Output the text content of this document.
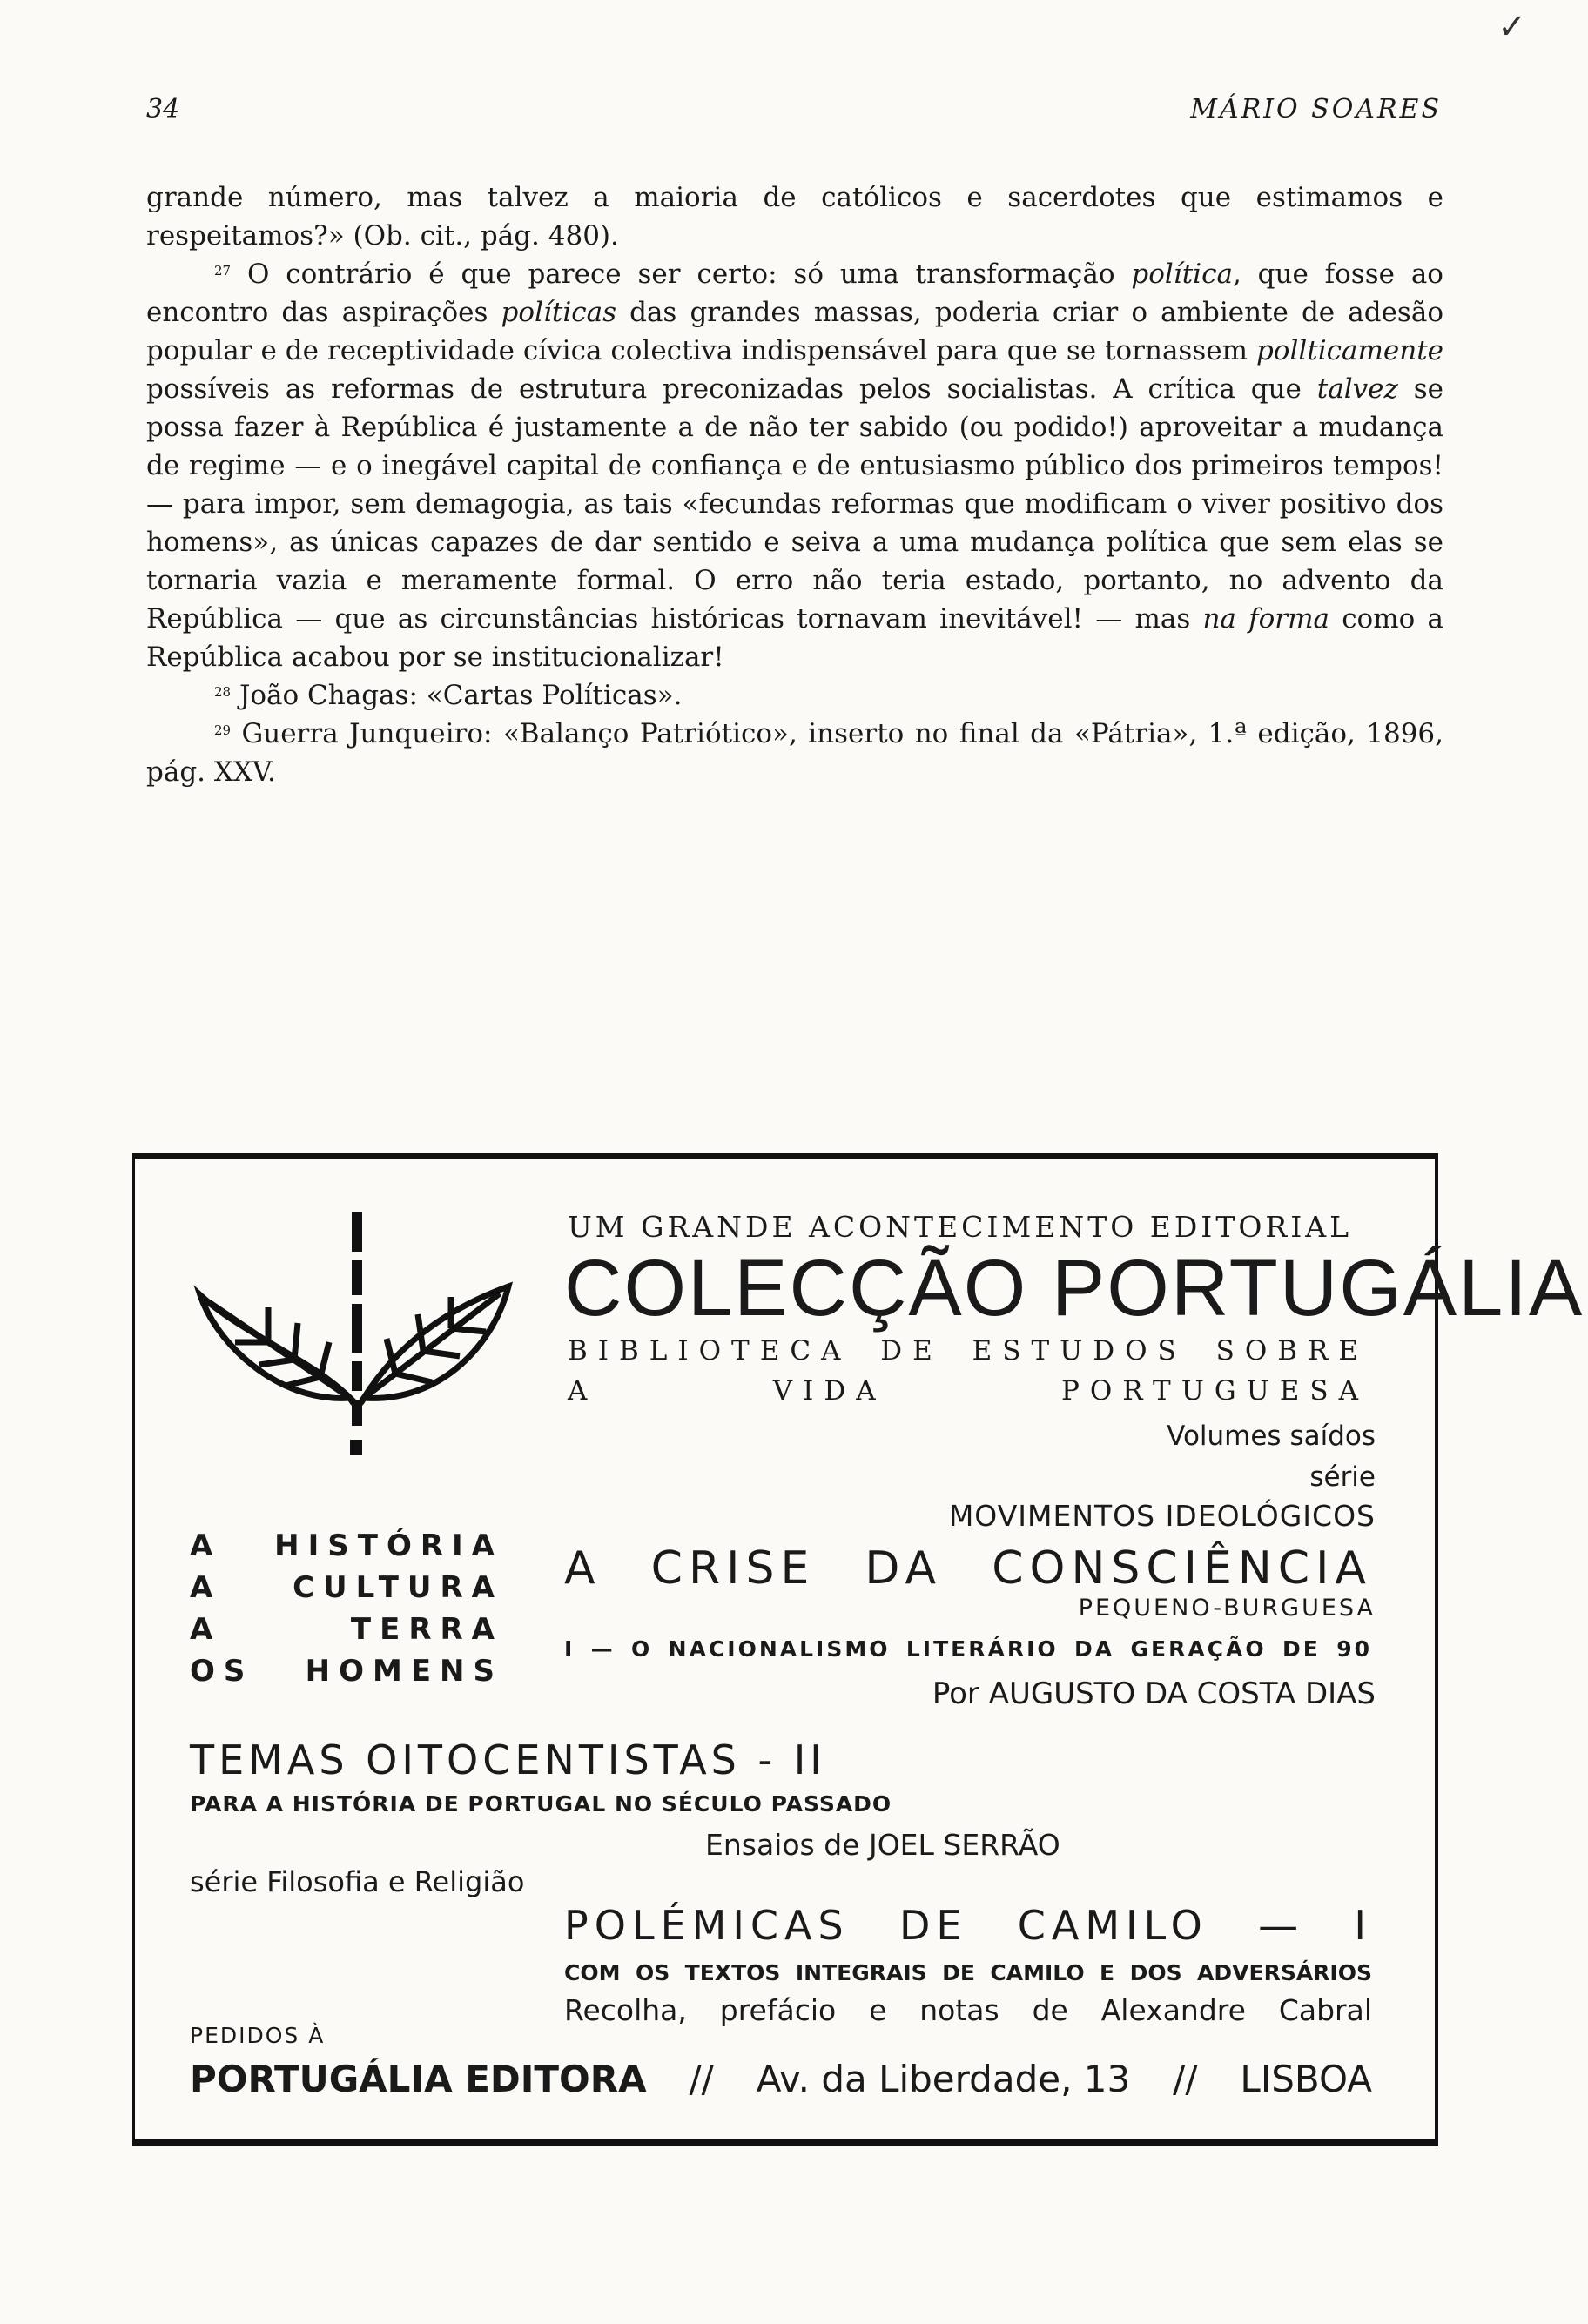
✓
34	MÁRIO SOARES

grande número, mas talvez a maioria de católicos e sacerdotes que estimamos e respeitamos?» (Ob. cit., pág. 480).

$^{27}$ O contrário é que parece ser certo: só uma transformação política, que fosse ao encontro das aspirações políticas das grandes massas, poderia criar o ambiente de adesão popular e de receptividade cívica colectiva indispensável para que se tornassem pollticamente possíveis as reformas de estrutura preconizadas pelos socialistas. A crítica que talvez se possa fazer à República é justamente a de não ter sabido (ou podido!) aproveitar a mudança de regime — e o inegável capital de confiança e de entusiasmo público dos primeiros tempos! — para impor, sem demagogia, as tais «fecundas reformas que modificam o viver positivo dos homens», as únicas capazes de dar sentido e seiva a uma mudança política que sem elas se tornaria vazia e meramente formal. O erro não teria estado, portanto, no advento da República — que as circunstâncias históricas tornavam inevitável! — mas na forma como a República acabou por se institucionalizar!

$^{28}$ João Chagas: «Cartas Políticas».

$^{29}$ Guerra Junqueiro: «Balanço Patriótico», inserto no final da «Pátria», 1.ª edição, 1896, pág. XXV.

UM GRANDE ACONTECIMENTO EDITORIAL
COLECÇÃO PORTUGÁLIA
BIBLIOTECA DE ESTUDOS SOBRE
A VIDA PORTUGUESA
Volumes saídos
série
MOVIMENTOS IDEOLÓGICOS
A HISTÓRIA
A CULTURA
A TERRA
OS HOMENS
A CRISE DA CONSCIÊNCIA
PEQUENO-BURGUESA
I — O NACIONALISMO LITERÁRIO DA GERAÇÃO DE 90
Por AUGUSTO DA COSTA DIAS
TEMAS OITOCENTISTAS - II
PARA A HISTÓRIA DE PORTUGAL NO SÉCULO PASSADO
Ensaios de JOEL SERRÃO
série Filosofia e Religião
POLÉMICAS DE CAMILO — I
COM OS TEXTOS INTEGRAIS DE CAMILO E DOS ADVERSÁRIOS
Recolha, prefácio e notas de Alexandre Cabral
PEDIDOS À
PORTUGÁLIA EDITORA // Av. da Liberdade, 13 // LISBOA
